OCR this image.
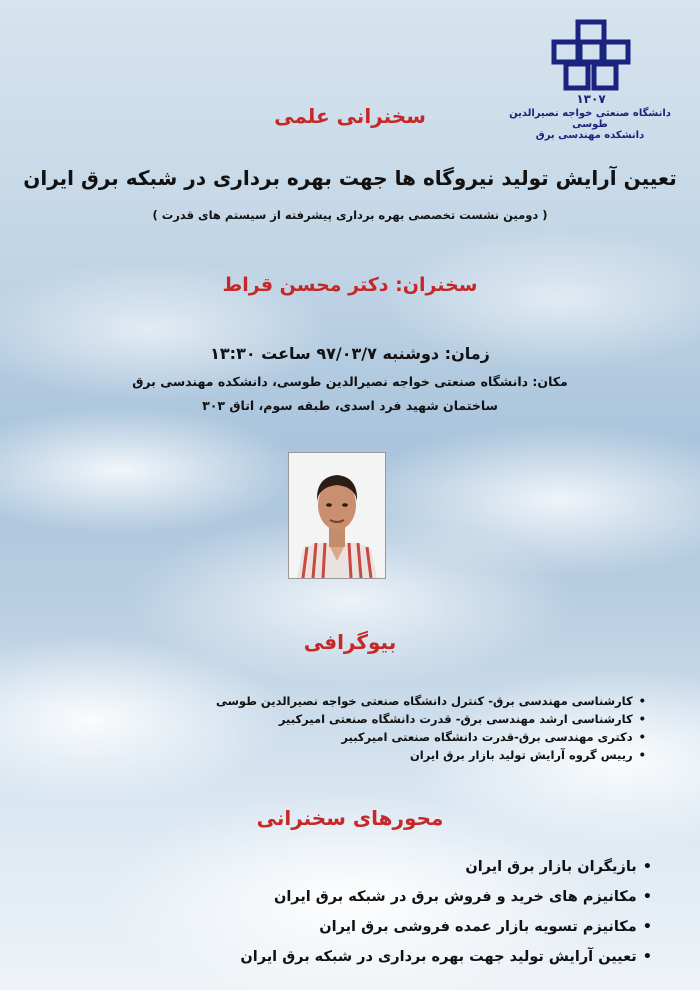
۱۳۰۷
دانشگاه صنعتی خواجه نصیرالدین طوسی
دانشکده مهندسی برق
سخنرانی علمی
تعیین آرایش تولید نیروگاه ها جهت بهره برداری در شبکه برق ایران
( دومین نشست تخصصی بهره برداری پیشرفته از سیستم های قدرت )
سخنران: دکتر محسن قراط
زمان: دوشنبه ۹۷/۰۳/۷ ساعت ۱۳:۳۰
مکان: دانشگاه صنعتی خواجه نصیرالدین طوسی، دانشکده مهندسی برق
ساختمان شهید فرد اسدی، طبقه سوم، اتاق ۳۰۳
بیوگرافی
•کارشناسی مهندسی برق- کنترل دانشگاه صنعتی خواجه نصیرالدین طوسی
•کارشناسی ارشد مهندسی برق- قدرت دانشگاه صنعتی امیرکبیر
•دکتری مهندسی برق-قدرت دانشگاه صنعتی امیرکبیر
•رییس گروه آرایش تولید بازار برق ایران
محورهای سخنرانی
•بازیگران بازار برق ایران
•مکانیزم های خرید و فروش برق در شبکه برق ایران
•مکانیزم تسویه بازار عمده فروشی برق ایران
•تعیین آرایش تولید جهت بهره برداری در شبکه برق ایران
